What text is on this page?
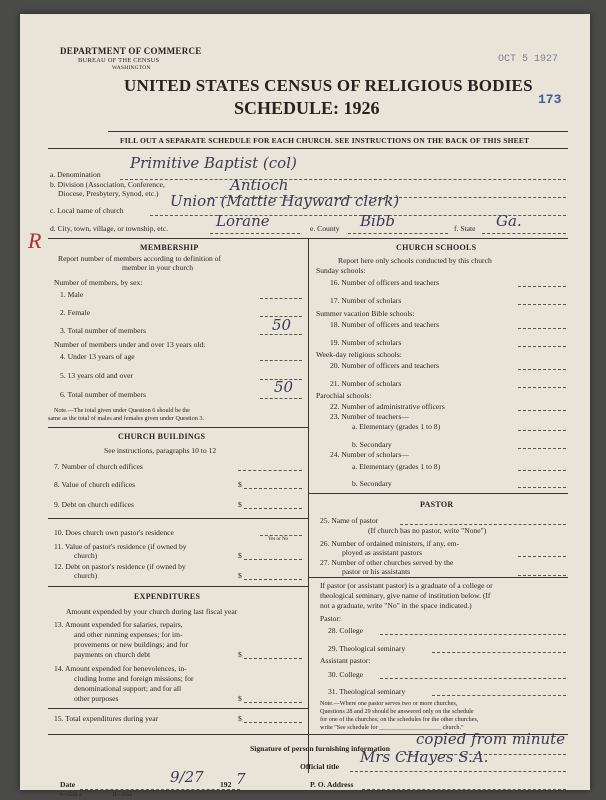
DEPARTMENT OF COMMERCE
BUREAU OF THE CENSUS
WASHINGTON
UNITED STATES CENSUS OF RELIGIOUS BODIES
SCHEDULE: 1926
OCT 5 1927
173
FILL OUT A SEPARATE SCHEDULE FOR EACH CHURCH. SEE INSTRUCTIONS ON THE BACK OF THIS SHEET
a. Denomination
Primitive Baptist (col)
b. Division (Association, Conference,
Diocese, Presbytery, Synod, etc.)	Antioch
c. Local name of church
Union (Mattie Hayward clerk)
d. City, town, village, or township, etc.	Lorane	e. County Bibb	f. State Ga.
R	MEMBERSHIP
Report number of members according to definition of
member in your church
Number of members, by sex:
1. Male
2. Female
3. Total number of members	50
Number of members under and over 13 years old:
4. Under 13 years of age
5. 13 years old and over
6. Total number of members	50
Note.—The total given under Question 6 should be the
same as the total of males and females given under Question 3.
CHURCH BUILDINGS
See instructions, paragraphs 10 to 12
7. Number of church edifices
8. Value of church edifices	$
9. Debt on church edifices	$
10. Does church own pastor's residence
Yes or No
11. Value of pastor's residence (if owned by
church)	$
12. Debt on pastor's residence (if owned by
church)	$
EXPENDITURES
Amount expended by your church during last fiscal year
13. Amount expended for salaries, repairs,
and other running expenses; for im-
provements or new buildings; and for
payments on church debt	$
14. Amount expended for benevolences, in-
cluding home and foreign missions; for
denominational support; and for all
other purposes	$
15. Total expenditures during year	$
CHURCH SCHOOLS
Report here only schools conducted by this church
Sunday schools:
16. Number of officers and teachers
17. Number of scholars
Summer vacation Bible schools:
18. Number of officers and teachers
19. Number of scholars
Week-day religious schools:
20. Number of officers and teachers
21. Number of scholars
Parochial schools:
22. Number of administrative officers
23. Number of teachers—
a. Elementary (grades 1 to 8)
b. Secondary
24. Number of scholars—
a. Elementary (grades 1 to 8)
b. Secondary
PASTOR
25. Name of pastor
(If church has no pastor, write "None")
26. Number of ordained ministers, if any, em-
ployed as assistant pastors
27. Number of other churches served by the
pastor or his assistants
If pastor (or assistant pastor) is a graduate of a college or
theological seminary, give name of institution below. (If
not a graduate, write "No" in the space indicated.)
Pastor:
28. College
29. Theological seminary
Assistant pastor:
30. College
31. Theological seminary
Note.—Where one pastor serves two or more churches,
Questions 28 and 29 should be answered only on the schedule
for one of the churches; on the schedules for the other churches,
write "See schedule for ____________________ church."
Signature of person furnishing information
copied from minute
Official title
Mrs CHayes S.A.
Date	9/27 192 7	P. O. Address
8—5518 a	11—5054
